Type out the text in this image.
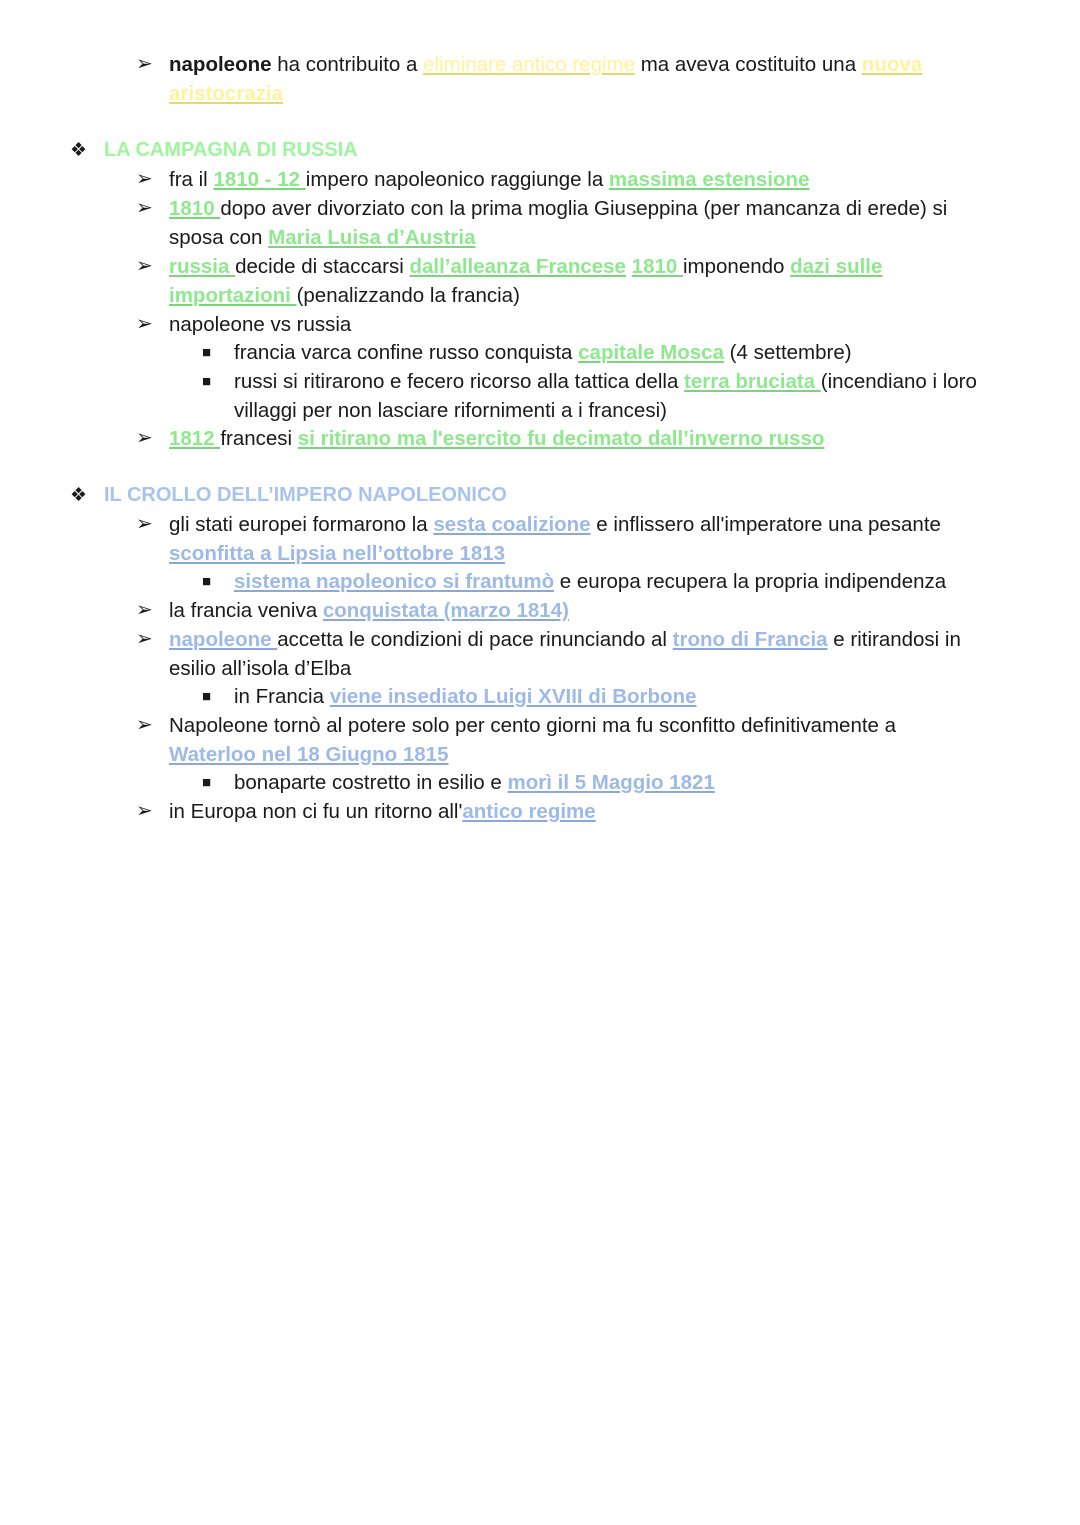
➢ napoleone ha contribuito a eliminare antico regime ma aveva costituito una nuova
aristocrazia
❖ LA CAMPAGNA DI RUSSIA
➢ fra il 1810 - 12 impero napoleonico raggiunge la massima estensione
➢ 1810 dopo aver divorziato con la prima moglia Giuseppina (per mancanza di erede) si
sposa con Maria Luisa d’Austria
➢ russia decide di staccarsi dall’alleanza Francese 1810 imponendo dazi sulle
importazioni (penalizzando la francia)
➢ napoleone vs russia
■ francia varca confine russo conquista capitale Mosca (4 settembre)
■ russi si ritirarono e fecero ricorso alla tattica della terra bruciata (incendiano i loro
villaggi per non lasciare rifornimenti a i francesi)
➢ 1812 francesi si ritirano ma l'esercito fu decimato dall’inverno russo
❖ IL CROLLO DELL’IMPERO NAPOLEONICO
➢ gli stati europei formarono la sesta coalizione e inflissero all'imperatore una pesante
sconfitta a Lipsia nell’ottobre 1813
■ sistema napoleonico si frantumò e europa recupera la propria indipendenza
➢ la francia veniva conquistata (marzo 1814)
➢ napoleone accetta le condizioni di pace rinunciando al trono di Francia e ritirandosi in
esilio all’isola d’Elba
■ in Francia viene insediato Luigi XVIII di Borbone
➢ Napoleone tornò al potere solo per cento giorni ma fu sconfitto definitivamente a
Waterloo nel 18 Giugno 1815
■ bonaparte costretto in esilio e morì il 5 Maggio 1821
➢ in Europa non ci fu un ritorno all'antico regime
